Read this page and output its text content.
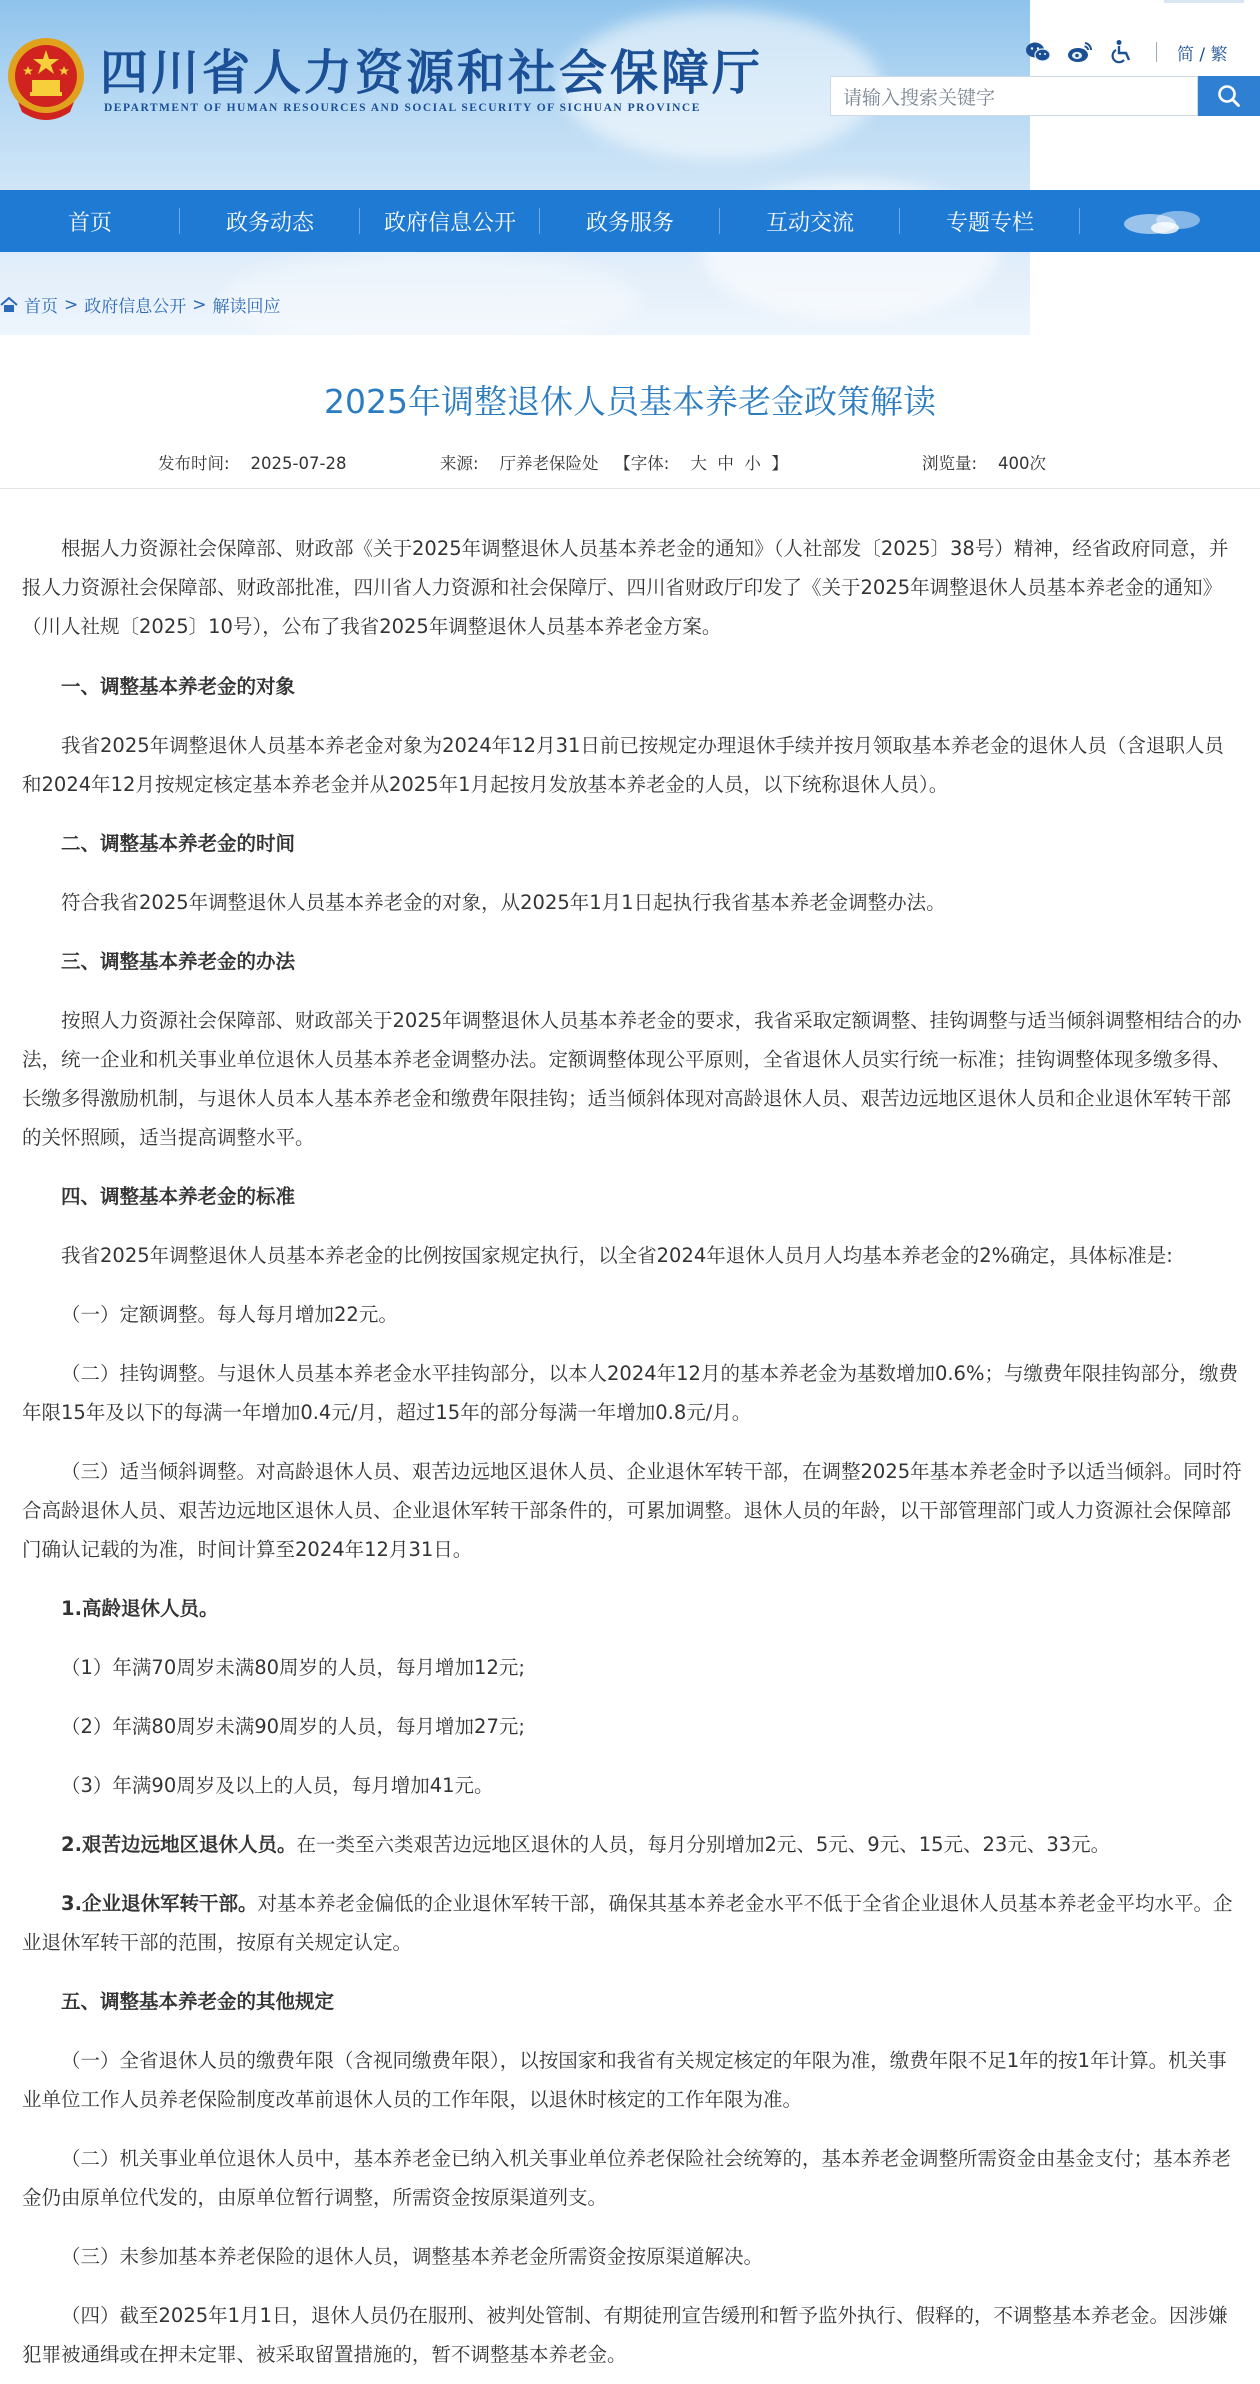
四川省人力资源和社会保障厅
DEPARTMENT OF HUMAN RESOURCES AND SOCIAL SECURITY OF SICHUAN PROVINCE
简 / 繁
请输入搜索关键字
首页	政务动态	政府信息公开	政务服务	互动交流	专题专栏
首页 > 政府信息公开 > 解读回应
2025年调整退休人员基本养老金政策解读
发布时间: 2025-07-28	来源: 厅养老保险处 【字体: 大 中 小 】	浏览量: 400次

根据人力资源社会保障部、财政部《关于2025年调整退休人员基本养老金的通知》（人社部发〔2025〕38号）精神，经省政府同意，并报人力资源社会保障部、财政部批准，四川省人力资源和社会保障厅、四川省财政厅印发了《关于2025年调整退休人员基本养老金的通知》（川人社规〔2025〕10号），公布了我省2025年调整退休人员基本养老金方案。

一、调整基本养老金的对象

我省2025年调整退休人员基本养老金对象为2024年12月31日前已按规定办理退休手续并按月领取基本养老金的退休人员（含退职人员和2024年12月按规定核定基本养老金并从2025年1月起按月发放基本养老金的人员，以下统称退休人员）。

二、调整基本养老金的时间

符合我省2025年调整退休人员基本养老金的对象，从2025年1月1日起执行我省基本养老金调整办法。

三、调整基本养老金的办法

按照人力资源社会保障部、财政部关于2025年调整退休人员基本养老金的要求，我省采取定额调整、挂钩调整与适当倾斜调整相结合的办法，统一企业和机关事业单位退休人员基本养老金调整办法。定额调整体现公平原则，全省退休人员实行统一标准；挂钩调整体现多缴多得、长缴多得激励机制，与退休人员本人基本养老金和缴费年限挂钩；适当倾斜体现对高龄退休人员、艰苦边远地区退休人员和企业退休军转干部的关怀照顾，适当提高调整水平。

四、调整基本养老金的标准

我省2025年调整退休人员基本养老金的比例按国家规定执行，以全省2024年退休人员月人均基本养老金的2%确定，具体标准是:

（一）定额调整。每人每月增加22元。

（二）挂钩调整。与退休人员基本养老金水平挂钩部分，以本人2024年12月的基本养老金为基数增加0.6%；与缴费年限挂钩部分，缴费年限15年及以下的每满一年增加0.4元/月，超过15年的部分每满一年增加0.8元/月。

（三）适当倾斜调整。对高龄退休人员、艰苦边远地区退休人员、企业退休军转干部，在调整2025年基本养老金时予以适当倾斜。同时符合高龄退休人员、艰苦边远地区退休人员、企业退休军转干部条件的，可累加调整。退休人员的年龄，以干部管理部门或人力资源社会保障部门确认记载的为准，时间计算至2024年12月31日。

1.高龄退休人员。

（1）年满70周岁未满80周岁的人员，每月增加12元;

（2）年满80周岁未满90周岁的人员，每月增加27元;

（3）年满90周岁及以上的人员，每月增加41元。

2.艰苦边远地区退休人员。在一类至六类艰苦边远地区退休的人员，每月分别增加2元、5元、9元、15元、23元、33元。

3.企业退休军转干部。对基本养老金偏低的企业退休军转干部，确保其基本养老金水平不低于全省企业退休人员基本养老金平均水平。企业退休军转干部的范围，按原有关规定认定。

五、调整基本养老金的其他规定

（一）全省退休人员的缴费年限（含视同缴费年限），以按国家和我省有关规定核定的年限为准，缴费年限不足1年的按1年计算。机关事业单位工作人员养老保险制度改革前退休人员的工作年限，以退休时核定的工作年限为准。

（二）机关事业单位退休人员中，基本养老金已纳入机关事业单位养老保险社会统筹的，基本养老金调整所需资金由基金支付；基本养老金仍由原单位代发的，由原单位暂行调整，所需资金按原渠道列支。

（三）未参加基本养老保险的退休人员，调整基本养老金所需资金按原渠道解决。

（四）截至2025年1月1日，退休人员仍在服刑、被判处管制、有期徒刑宣告缓刑和暂予监外执行、假释的，不调整基本养老金。因涉嫌犯罪被通缉或在押未定罪、被采取留置措施的，暂不调整基本养老金。
